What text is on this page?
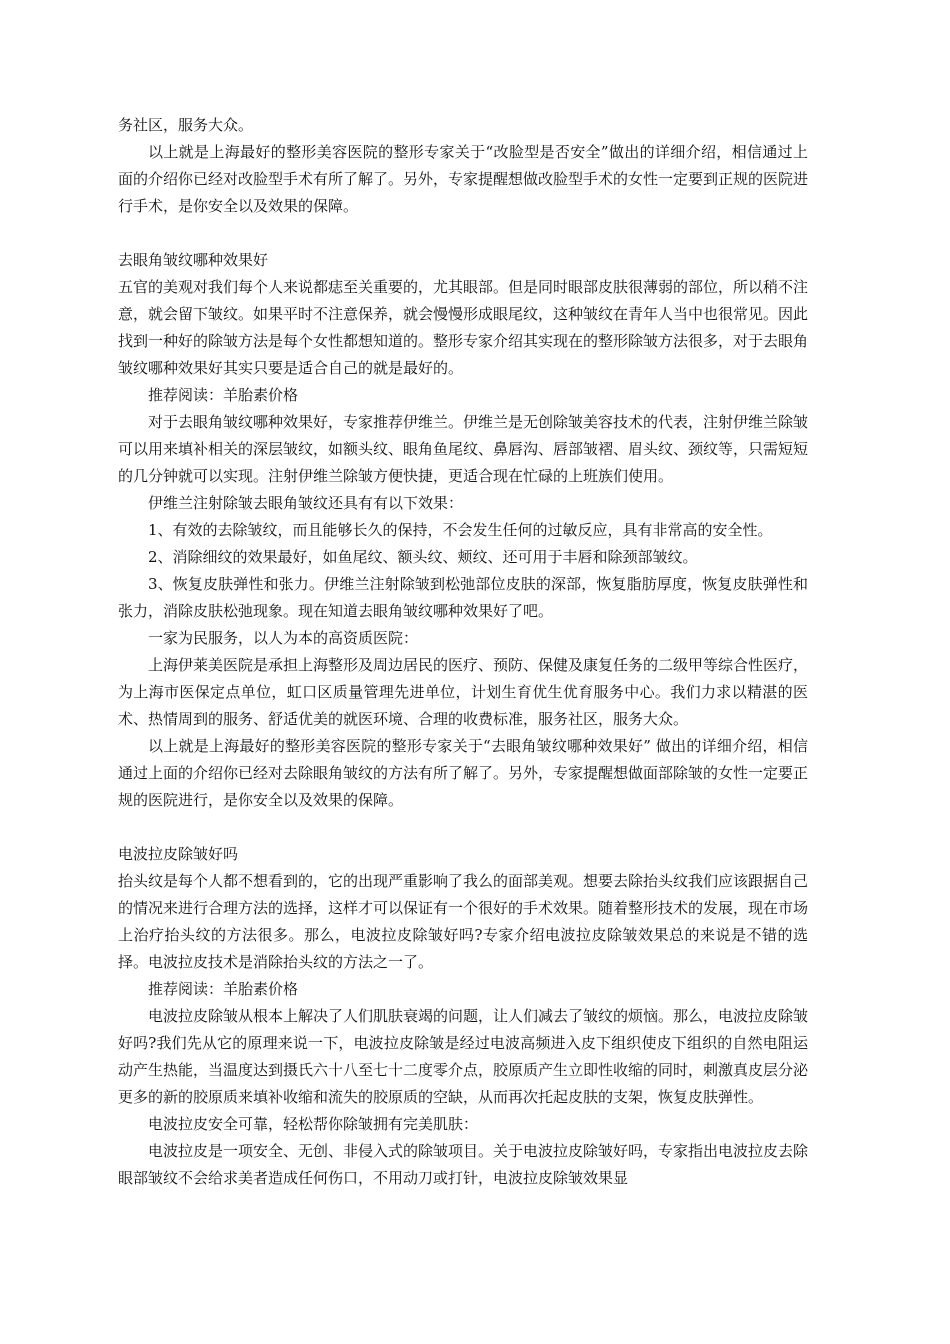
务社区，服务大众。

以上就是上海最好的整形美容医院的整形专家关于“改脸型是否安全”做出的详细介绍，相信通过上面的介绍你已经对改脸型手术有所了解了。另外，专家提醒想做改脸型手术的女性一定要到正规的医院进行手术，是你安全以及效果的保障。

去眼角皱纹哪种效果好

五官的美观对我们每个人来说都痣至关重要的，尤其眼部。但是同时眼部皮肤很薄弱的部位，所以稍不注意，就会留下皱纹。如果平时不注意保养，就会慢慢形成眼尾纹，这种皱纹在青年人当中也很常见。因此找到一种好的除皱方法是每个女性都想知道的。整形专家介绍其实现在的整形除皱方法很多，对于去眼角皱纹哪种效果好其实只要是适合自己的就是最好的。

推荐阅读：羊胎素价格

对于去眼角皱纹哪种效果好，专家推荐伊维兰。伊维兰是无创除皱美容技术的代表，注射伊维兰除皱可以用来填补相关的深层皱纹，如额头纹、眼角鱼尾纹、鼻唇沟、唇部皱褶、眉头纹、颈纹等，只需短短的几分钟就可以实现。注射伊维兰除皱方便快捷，更适合现在忙碌的上班族们使用。

伊维兰注射除皱去眼角皱纹还具有有以下效果：

1、有效的去除皱纹，而且能够长久的保持，不会发生任何的过敏反应，具有非常高的安全性。

2、消除细纹的效果最好，如鱼尾纹、额头纹、颊纹、还可用于丰唇和除颈部皱纹。

3、恢复皮肤弹性和张力。伊维兰注射除皱到松弛部位皮肤的深部，恢复脂肪厚度，恢复皮肤弹性和张力，消除皮肤松弛现象。现在知道去眼角皱纹哪种效果好了吧。

一家为民服务，以人为本的高资质医院：

上海伊莱美医院是承担上海整形及周边居民的医疗、预防、保健及康复任务的二级甲等综合性医疗，为上海市医保定点单位，虹口区质量管理先进单位，计划生育优生优育服务中心。我们力求以精湛的医术、热情周到的服务、舒适优美的就医环境、合理的收费标准，服务社区，服务大众。

以上就是上海最好的整形美容医院的整形专家关于“去眼角皱纹哪种效果好” 做出的详细介绍，相信通过上面的介绍你已经对去除眼角皱纹的方法有所了解了。另外，专家提醒想做面部除皱的女性一定要正规的医院进行，是你安全以及效果的保障。

电波拉皮除皱好吗

抬头纹是每个人都不想看到的，它的出现严重影响了我么的面部美观。想要去除抬头纹我们应该跟据自己的情况来进行合理方法的选择，这样才可以保证有一个很好的手术效果。随着整形技术的发展，现在市场上治疗抬头纹的方法很多。那么，电波拉皮除皱好吗?专家介绍电波拉皮除皱效果总的来说是不错的选择。电波拉皮技术是消除抬头纹的方法之一了。

推荐阅读：羊胎素价格

电波拉皮除皱从根本上解决了人们肌肤衰竭的问题，让人们减去了皱纹的烦恼。那么，电波拉皮除皱好吗?我们先从它的原理来说一下，电波拉皮除皱是经过电波高频进入皮下组织使皮下组织的自然电阻运动产生热能，当温度达到摄氏六十八至七十二度零介点，胶原质产生立即性收缩的同时，刺激真皮层分泌更多的新的胶原质来填补收缩和流失的胶原质的空缺，从而再次托起皮肤的支架，恢复皮肤弹性。

电波拉皮安全可靠，轻松帮你除皱拥有完美肌肤：

电波拉皮是一项安全、无创、非侵入式的除皱项目。关于电波拉皮除皱好吗，专家指出电波拉皮去除眼部皱纹不会给求美者造成任何伤口，不用动刀或打针，电波拉皮除皱效果显
